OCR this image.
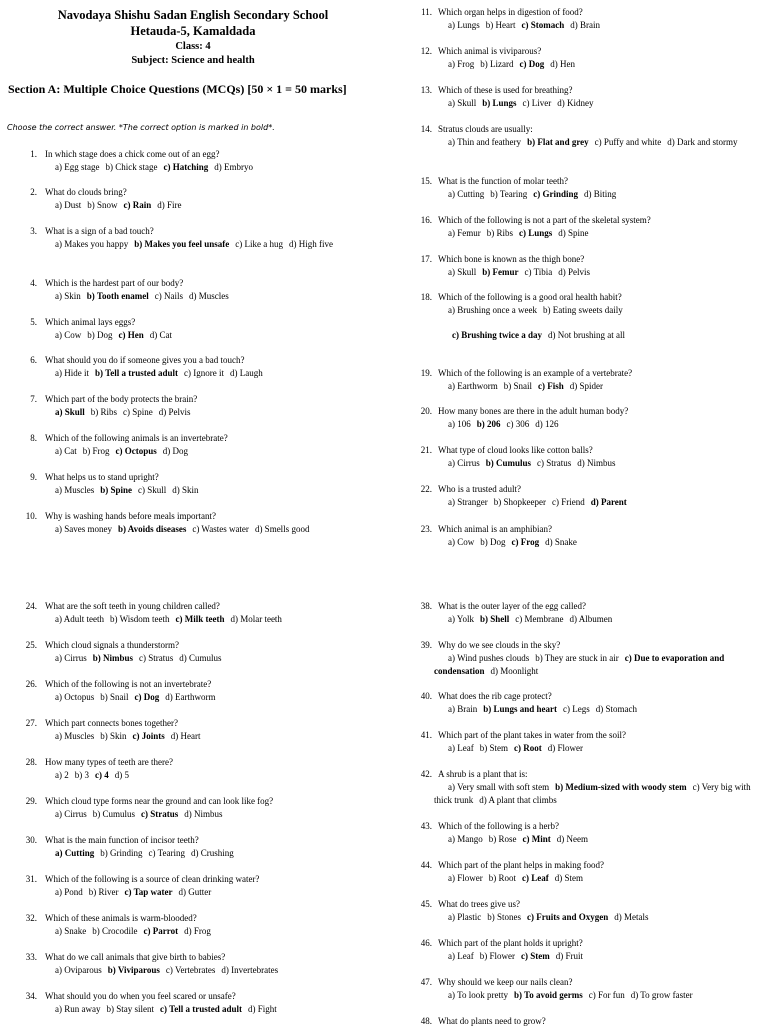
Navodaya Shishu Sadan English Secondary School
Hetauda-5, Kamaldada
Class: 4
Subject: Science and health
Section A: Multiple Choice Questions (MCQs) [50 × 1 = 50 marks]
Choose the correct answer. *The correct option is marked in bold*.
1. In which stage does a chick come out of an egg?
a) Egg stage b) Chick stage c) Hatching d) Embryo
2. What do clouds bring?
a) Dust b) Snow c) Rain d) Fire
3. What is a sign of a bad touch?
a) Makes you happy b) Makes you feel unsafe c) Like a hug d) High five
4. Which is the hardest part of our body?
a) Skin b) Tooth enamel c) Nails d) Muscles
5. Which animal lays eggs?
a) Cow b) Dog c) Hen d) Cat
6. What should you do if someone gives you a bad touch?
a) Hide it b) Tell a trusted adult c) Ignore it d) Laugh
7. Which part of the body protects the brain?
a) Skull b) Ribs c) Spine d) Pelvis
8. Which of the following animals is an invertebrate?
a) Cat b) Frog c) Octopus d) Dog
9. What helps us to stand upright?
a) Muscles b) Spine c) Skull d) Skin
10. Why is washing hands before meals important?
a) Saves money b) Avoids diseases c) Wastes water d) Smells good
11. Which organ helps in digestion of food?
a) Lungs b) Heart c) Stomach d) Brain
12. Which animal is viviparous?
a) Frog b) Lizard c) Dog d) Hen
13. Which of these is used for breathing?
a) Skull b) Lungs c) Liver d) Kidney
14. Stratus clouds are usually:
a) Thin and feathery b) Flat and grey c) Puffy and white d) Dark and stormy
15. What is the function of molar teeth?
a) Cutting b) Tearing c) Grinding d) Biting
16. Which of the following is not a part of the skeletal system?
a) Femur b) Ribs c) Lungs d) Spine
17. Which bone is known as the thigh bone?
a) Skull b) Femur c) Tibia d) Pelvis
18. Which of the following is a good oral health habit?
c) Brushing twice a day d) Not brushing at all
a) Brushing once a week b) Eating sweets daily
19. Which of the following is an example of a vertebrate?
a) Earthworm b) Snail c) Fish d) Spider
20. How many bones are there in the adult human body?
a) 106 b) 206 c) 306 d) 126
21. What type of cloud looks like cotton balls?
a) Cirrus b) Cumulus c) Stratus d) Nimbus
22. Who is a trusted adult?
a) Stranger b) Shopkeeper c) Friend d) Parent
23. Which animal is an amphibian?
a) Cow b) Dog c) Frog d) Snake
24. What are the soft teeth in young children called?
a) Adult teeth b) Wisdom teeth c) Milk teeth d) Molar teeth
25. Which cloud signals a thunderstorm?
a) Cirrus b) Nimbus c) Stratus d) Cumulus
26. Which of the following is not an invertebrate?
a) Octopus b) Snail c) Dog d) Earthworm
27. Which part connects bones together?
a) Muscles b) Skin c) Joints d) Heart
28. How many types of teeth are there?
a) 2 b) 3 c) 4 d) 5
29. Which cloud type forms near the ground and can look like fog?
a) Cirrus b) Cumulus c) Stratus d) Nimbus
30. What is the main function of incisor teeth?
a) Cutting b) Grinding c) Tearing d) Crushing
31. Which of the following is a source of clean drinking water?
a) Pond b) River c) Tap water d) Gutter
32. Which of these animals is warm-blooded?
a) Snake b) Crocodile c) Parrot d) Frog
33. What do we call animals that give birth to babies?
a) Oviparous b) Viviparous c) Vertebrates d) Invertebrates
34. What should you do when you feel scared or unsafe?
a) Run away b) Stay silent c) Tell a trusted adult d) Fight
38. What is the outer layer of the egg called?
a) Yolk b) Shell c) Membrane d) Albumen
39. Why do we see clouds in the sky?
a) Wind pushes clouds b) They are stuck in air c) Due to evaporation and condensation d) Moonlight
40. What does the rib cage protect?
a) Brain b) Lungs and heart c) Legs d) Stomach
41. Which part of the plant takes in water from the soil?
a) Leaf b) Stem c) Root d) Flower
42. A shrub is a plant that is:
a) Very small with soft stem b) Medium-sized with woody stem c) Very big with thick trunk d) A plant that climbs
43. Which of the following is a herb?
a) Mango b) Rose c) Mint d) Neem
44. Which part of the plant helps in making food?
a) Flower b) Root c) Leaf d) Stem
45. What do trees give us?
a) Plastic b) Stones c) Fruits and Oxygen d) Metals
46. Which part of the plant holds it upright?
a) Leaf b) Flower c) Stem d) Fruit
47. Why should we keep our nails clean?
a) To look pretty b) To avoid germs c) For fun d) To grow faster
48. What do plants need to grow?
